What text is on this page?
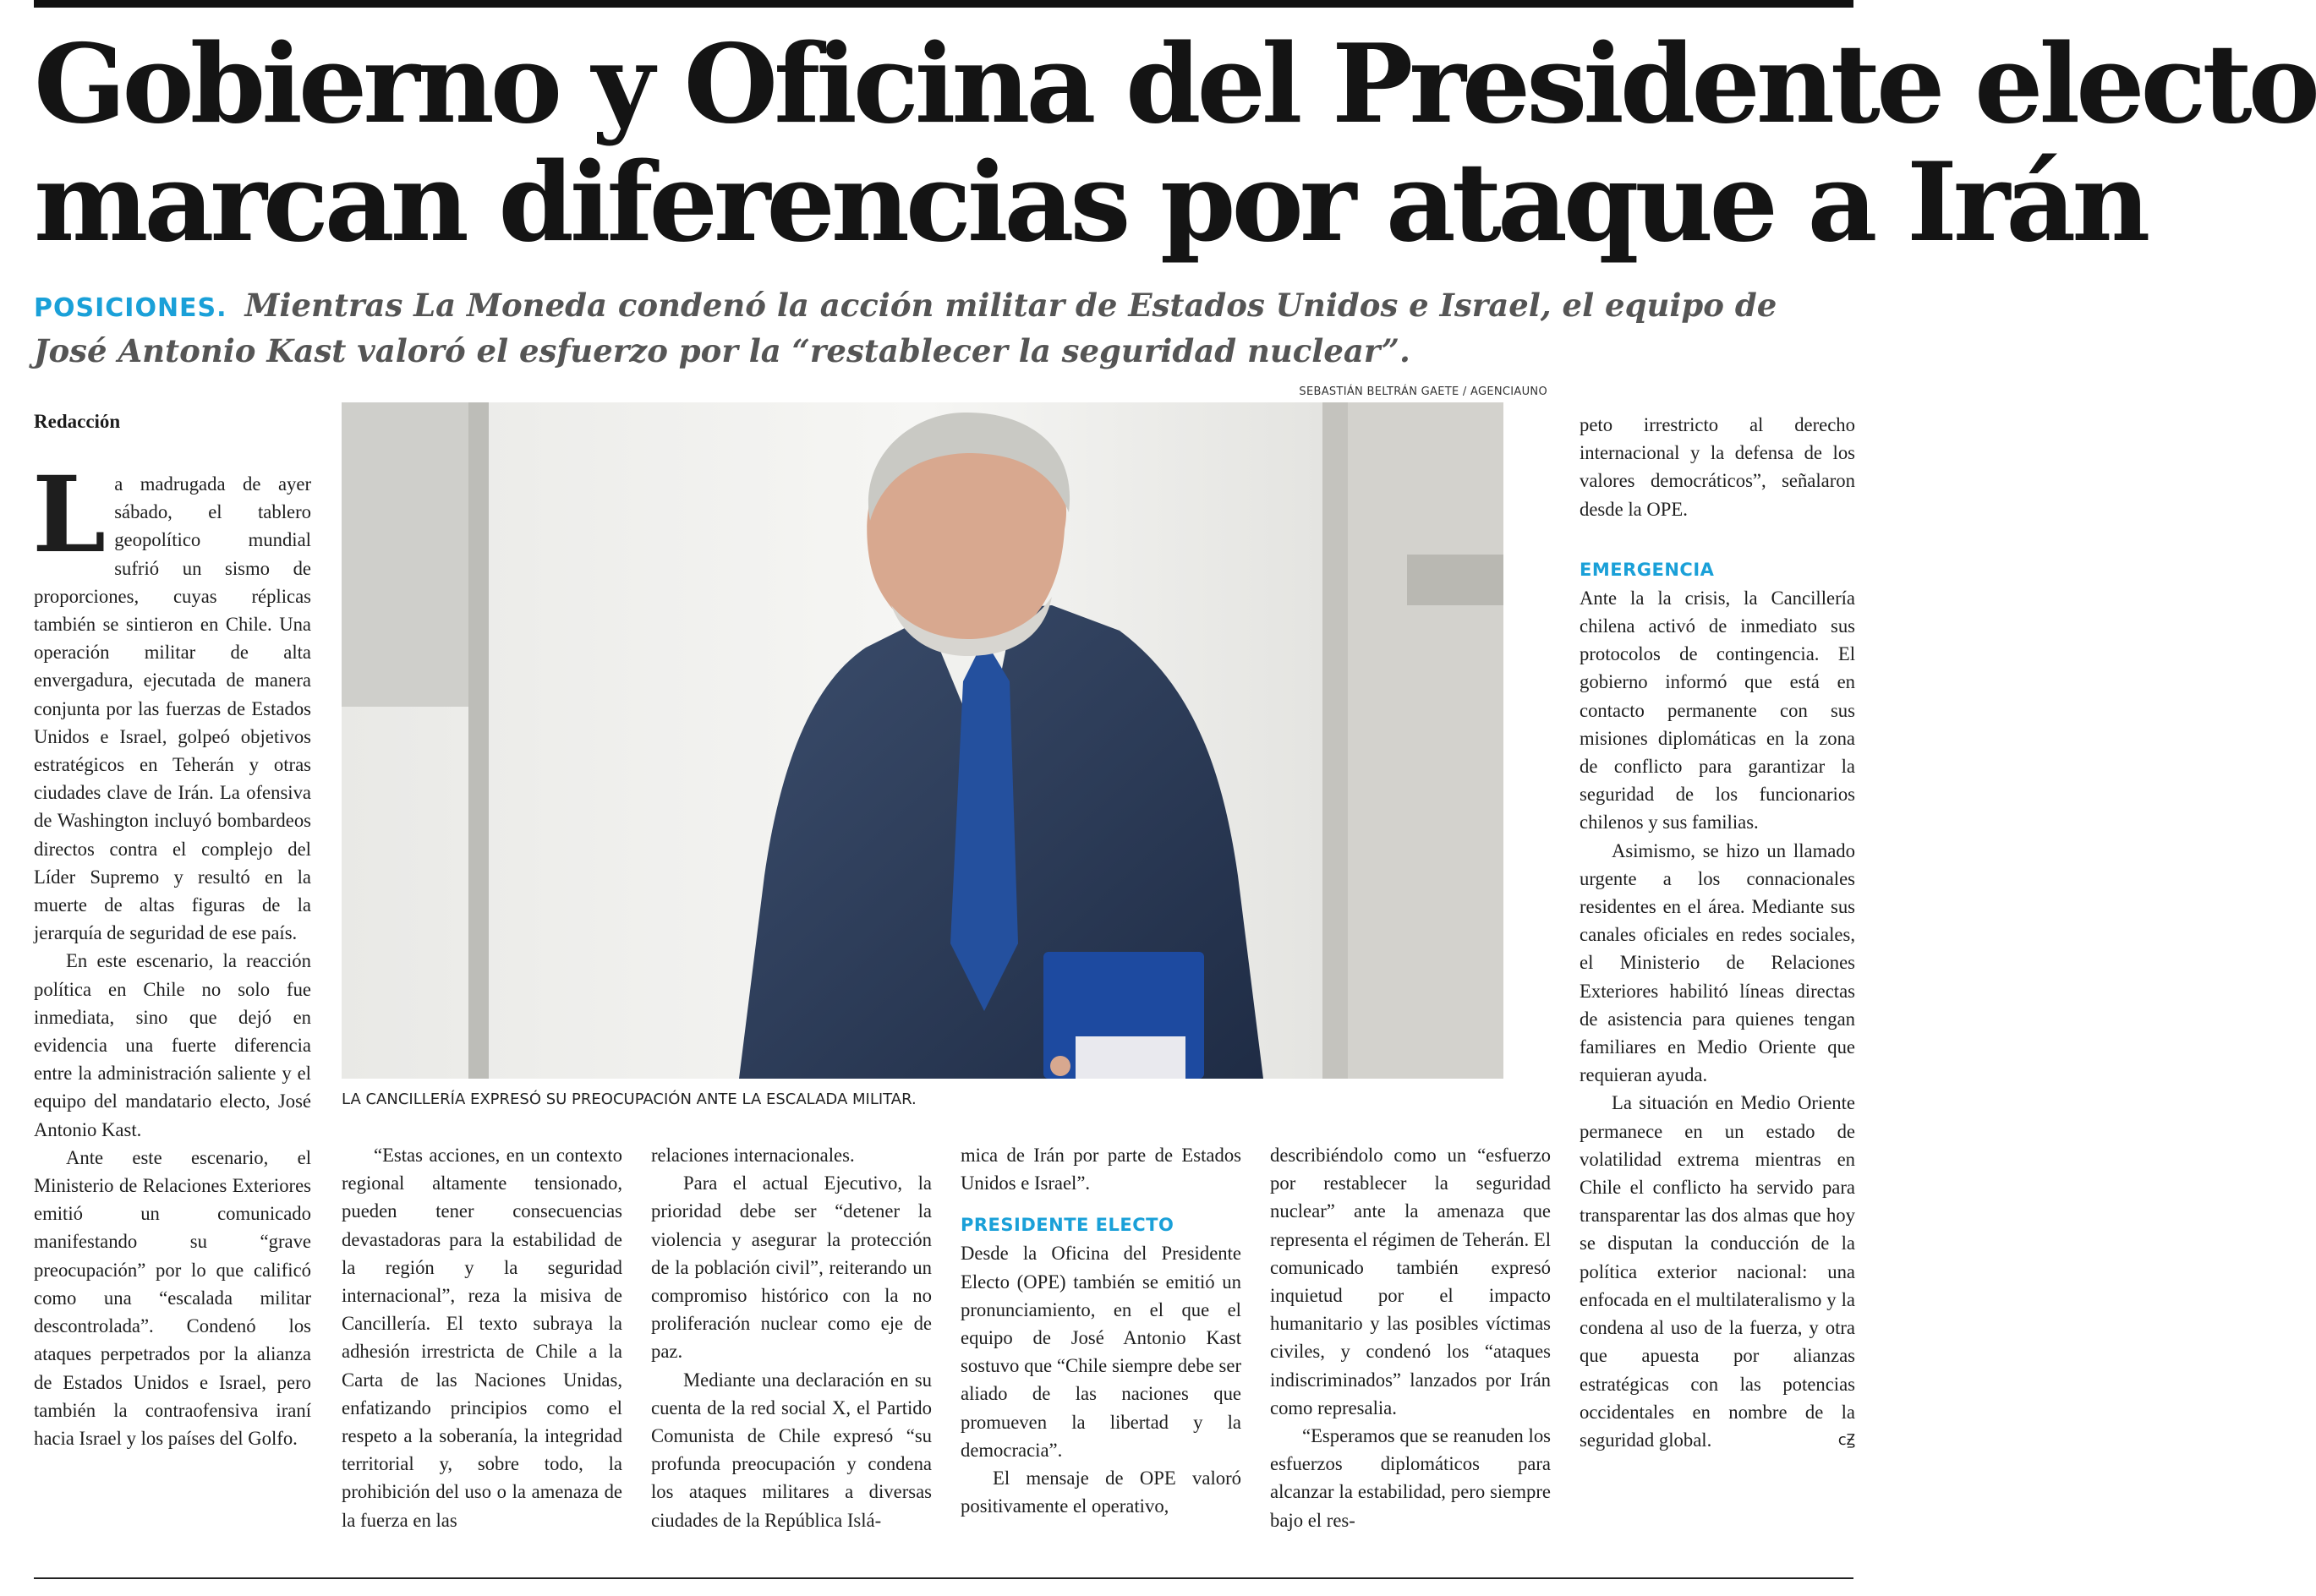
Gobierno y Oficina del Presidente electo
marcan diferencias por ataque a Irán
POSICIONES. Mientras La Moneda condenó la acción militar de Estados Unidos e Israel, el equipo de José Antonio Kast valoró el esfuerzo por la “restablecer la seguridad nuclear”.
SEBASTIÁN BELTRÁN GAETE / AGENCIAUNO
LA CANCILLERÍA EXPRESÓ SU PREOCUPACIÓN ANTE LA ESCALADA MILITAR.
Redacción

La madrugada de ayer sábado, el tablero geopolítico mundial sufrió un sismo de proporciones, cuyas réplicas también se sintieron en Chile. Una operación militar de alta envergadura, ejecutada de manera conjunta por las fuerzas de Estados Unidos e Israel, golpeó objetivos estratégicos en Teherán y otras ciudades clave de Irán. La ofensiva de Washington incluyó bombardeos directos contra el complejo del Líder Supremo y resultó en la muerte de altas figuras de la jerarquía de seguridad de ese país.

En este escenario, la reacción política en Chile no solo fue inmediata, sino que dejó en evidencia una fuerte diferencia entre la administración saliente y el equipo del mandatario electo, José Antonio Kast.

Ante este escenario, el Ministerio de Relaciones Exteriores emitió un comunicado manifestando su “grave preocupación” por lo que calificó como una “escalada militar descontrolada”. Condenó los ataques perpetrados por la alianza de Estados Unidos e Israel, pero también la contraofensiva iraní hacia Israel y los países del Golfo.

“Estas acciones, en un contexto regional altamente tensionado, pueden tener consecuencias devastadoras para la estabilidad de la región y la seguridad internacional”, reza la misiva de Cancillería. El texto subraya la adhesión irrestricta de Chile a la Carta de las Naciones Unidas, enfatizando principios como el respeto a la soberanía, la integridad territorial y, sobre todo, la prohibición del uso o la amenaza de la fuerza en las

relaciones internacionales.

Para el actual Ejecutivo, la prioridad debe ser “detener la violencia y asegurar la protección de la población civil”, reiterando un compromiso histórico con la no proliferación nuclear como eje de paz.

Mediante una declaración en su cuenta de la red social X, el Partido Comunista de Chile expresó “su profunda preocupación y condena los ataques militares a diversas ciudades de la República Islá-

mica de Irán por parte de Estados Unidos e Israel”.

PRESIDENTE ELECTO

Desde la Oficina del Presidente Electo (OPE) también se emitió un pronunciamiento, en el que el equipo de José Antonio Kast sostuvo que “Chile siempre debe ser aliado de las naciones que promueven la libertad y la democracia”.

El mensaje de OPE valoró positivamente el operativo,

describiéndolo como un “esfuerzo por restablecer la seguridad nuclear” ante la amenaza que representa el régimen de Teherán. El comunicado también expresó inquietud por el impacto humanitario y las posibles víctimas civiles, y condenó los “ataques indiscriminados” lanzados por Irán como represalia.

“Esperamos que se reanuden los esfuerzos diplomáticos para alcanzar la estabilidad, pero siempre bajo el res-

peto irrestricto al derecho internacional y la defensa de los valores democráticos”, señalaron desde la OPE.

EMERGENCIA

Ante la la crisis, la Cancillería chilena activó de inmediato sus protocolos de contingencia. El gobierno informó que está en contacto permanente con sus misiones diplomáticas en la zona de conflicto para garantizar la seguridad de los funcionarios chilenos y sus familias.

Asimismo, se hizo un llamado urgente a los connacionales residentes en el área. Mediante sus canales oficiales en redes sociales, el Ministerio de Relaciones Exteriores habilitó líneas directas de asistencia para quienes tengan familiares en Medio Oriente que requieran ayuda.

La situación en Medio Oriente permanece en un estado de volatilidad extrema mientras en Chile el conflicto ha servido para transparentar las dos almas que hoy se disputan la conducción de la política exterior nacional: una enfocada en el multilateralismo y la condena al uso de la fuerza, y otra que apuesta por alianzas estratégicas con las potencias occidentales en nombre de la seguridad global.	ᴄꙂ
